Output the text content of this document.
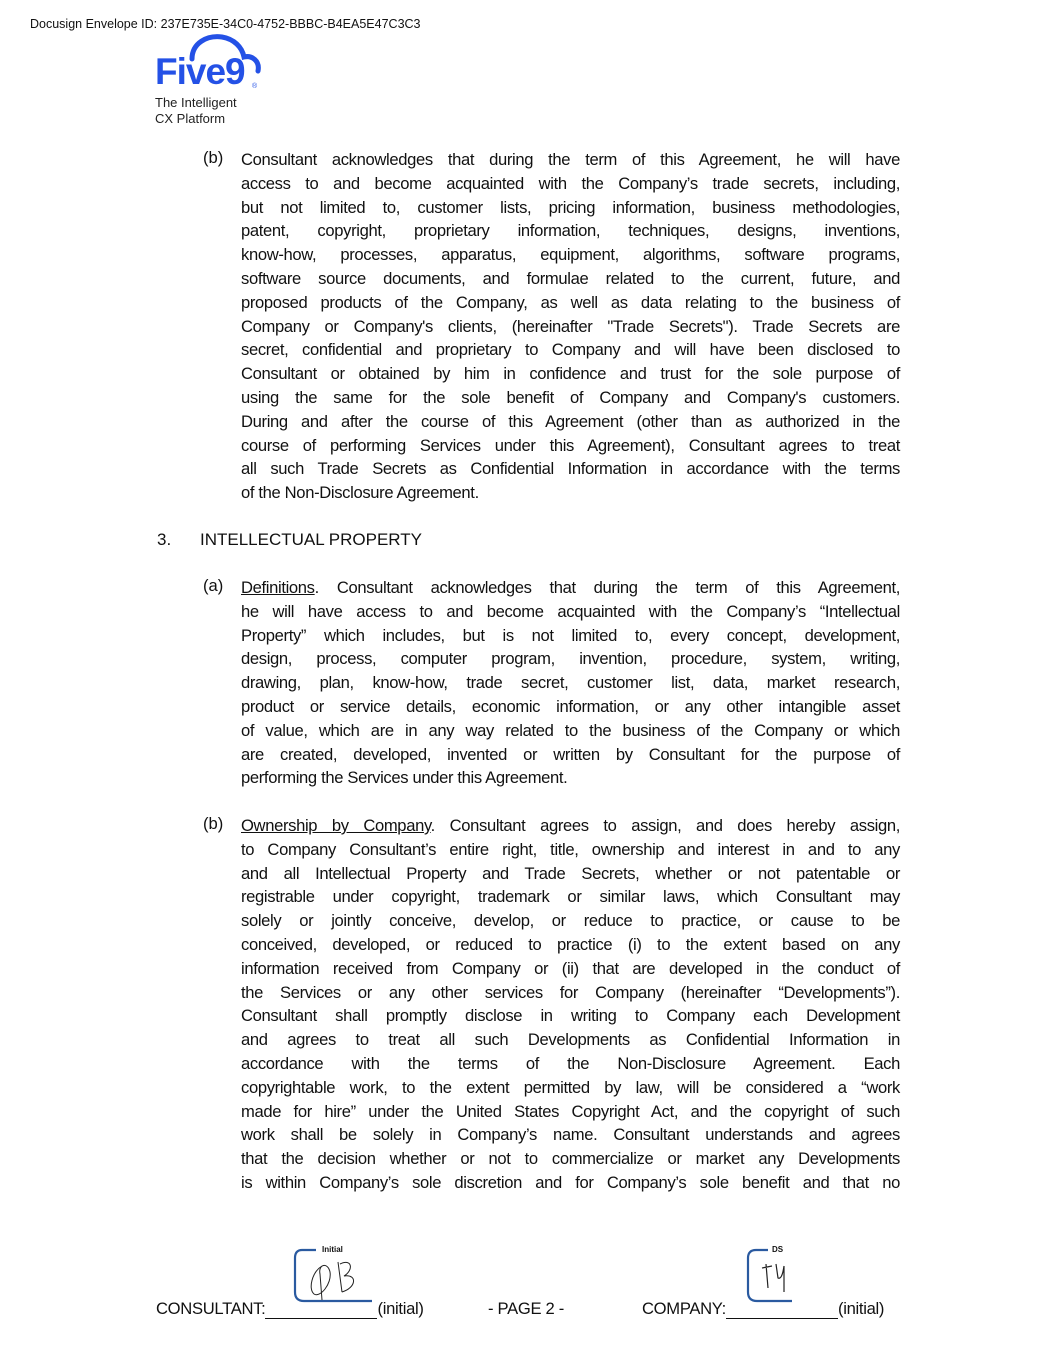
Docusign Envelope ID: 237E735E-34C0-4752-BBBC-B4EA5E47C3C3
Five9 ®
The Intelligent
CX Platform
(b) Consultant acknowledges that during the term of this Agreement, he will have
access to and become acquainted with the Company’s trade secrets, including,
but not limited to, customer lists, pricing information, business methodologies,
patent, copyright, proprietary information, techniques, designs, inventions,
know-how, processes, apparatus, equipment, algorithms, software programs,
software source documents, and formulae related to the current, future, and
proposed products of the Company, as well as data relating to the business of
Company or Company's clients, (hereinafter "Trade Secrets"). Trade Secrets are
secret, confidential and proprietary to Company and will have been disclosed to
Consultant or obtained by him in confidence and trust for the sole purpose of
using the same for the sole benefit of Company and Company's customers.
During and after the course of this Agreement (other than as authorized in the
course of performing Services under this Agreement), Consultant agrees to treat
all such Trade Secrets as Confidential Information in accordance with the terms
of the Non-Disclosure Agreement.
3. INTELLECTUAL PROPERTY
(a) Definitions. Consultant acknowledges that during the term of this Agreement,
he will have access to and become acquainted with the Company’s “Intellectual
Property” which includes, but is not limited to, every concept, development,
design, process, computer program, invention, procedure, system, writing,
drawing, plan, know-how, trade secret, customer list, data, market research,
product or service details, economic information, or any other intangible asset
of value, which are in any way related to the business of the Company or which
are created, developed, invented or written by Consultant for the purpose of
performing the Services under this Agreement.
(b) Ownership by Company. Consultant agrees to assign, and does hereby assign,
to Company Consultant’s entire right, title, ownership and interest in and to any
and all Intellectual Property and Trade Secrets, whether or not patentable or
registrable under copyright, trademark or similar laws, which Consultant may
solely or jointly conceive, develop, or reduce to practice, or cause to be
conceived, developed, or reduced to practice (i) to the extent based on any
information received from Company or (ii) that are developed in the conduct of
the Services or any other services for Company (hereinafter “Developments”).
Consultant shall promptly disclose in writing to Company each Development
and agrees to treat all such Developments as Confidential Information in
accordance with the terms of the Non-Disclosure Agreement. Each
copyrightable work, to the extent permitted by law, will be considered a “work
made for hire” under the United States Copyright Act, and the copyright of such
work shall be solely in Company’s name. Consultant understands and agrees
that the decision whether or not to commercialize or market any Developments
is within Company’s sole discretion and for Company’s sole benefit and that no
Initial	DS
CONSULTANT:	(initial)	- PAGE 2 -	COMPANY:	(initial)
